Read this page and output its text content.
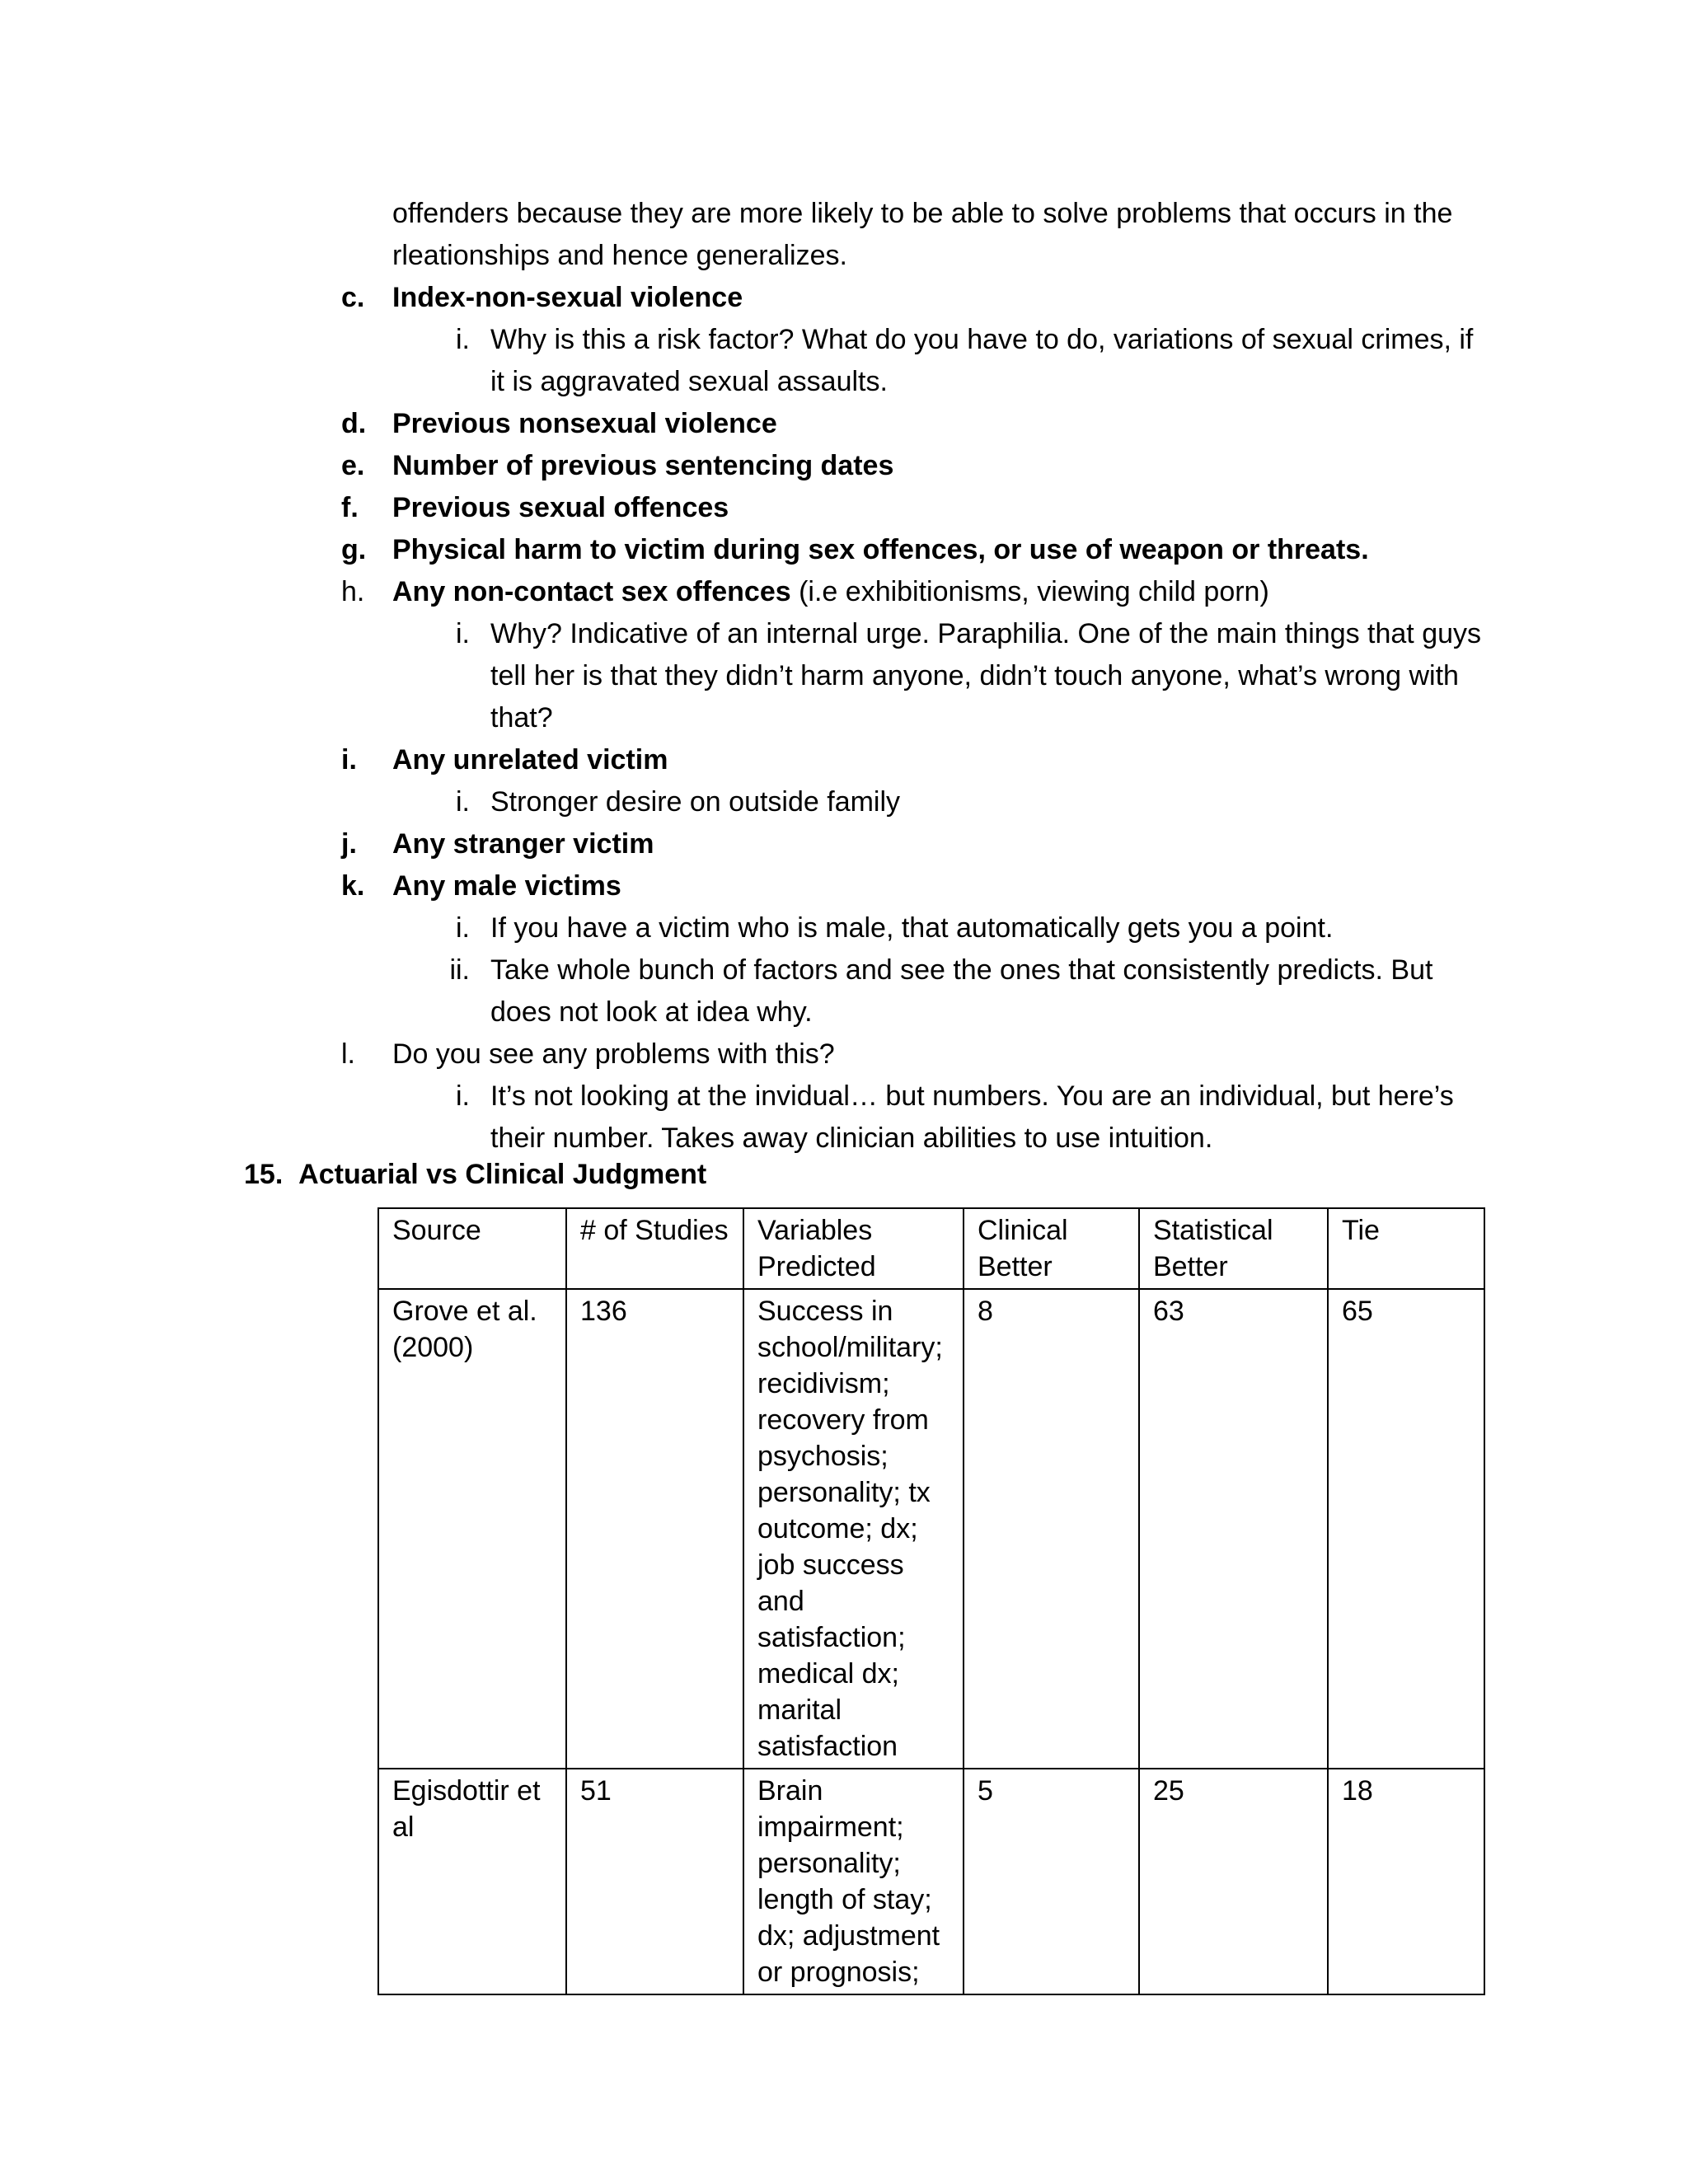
offenders because they are more likely to be able to solve problems that occurs in the
rleationships and hence generalizes.
c. Index-non-sexual violence
i. Why is this a risk factor? What do you have to do, variations of sexual crimes, if
it is aggravated sexual assaults.
d. Previous nonsexual violence
e. Number of previous sentencing dates
f.	Previous sexual offences
g. Physical harm to victim during sex offences, or use of weapon or threats.
h. Any non-contact sex offences (i.e exhibitionisms, viewing child porn)
i. Why? Indicative of an internal urge. Paraphilia. One of the main things that guys
tell her is that they didn’t harm anyone, didn’t touch anyone, what’s wrong with
that?
i.	Any unrelated victim
i. Stronger desire on outside family
j.	Any stranger victim
k. Any male victims
i. If you have a victim who is male, that automatically gets you a point.
ii. Take whole bunch of factors and see the ones that consistently predicts. But
does not look at idea why.
l.	Do you see any problems with this?
i. It’s not looking at the invidual… but numbers. You are an individual, but here’s
their number. Takes away clinician abilities to use intuition.
15. Actuarial vs Clinical Judgment
Source	# of Studies	Variables Predicted	Clinical Better	Statistical Better	Tie
Grove et al. (2000)	136	Success in school/military; recidivism; recovery from psychosis; personality; tx outcome; dx; job success and satisfaction; medical dx; marital satisfaction	8	63	65
Egisdottir et al	51	Brain impairment; personality; length of stay; dx; adjustment or prognosis;	5	25	18
